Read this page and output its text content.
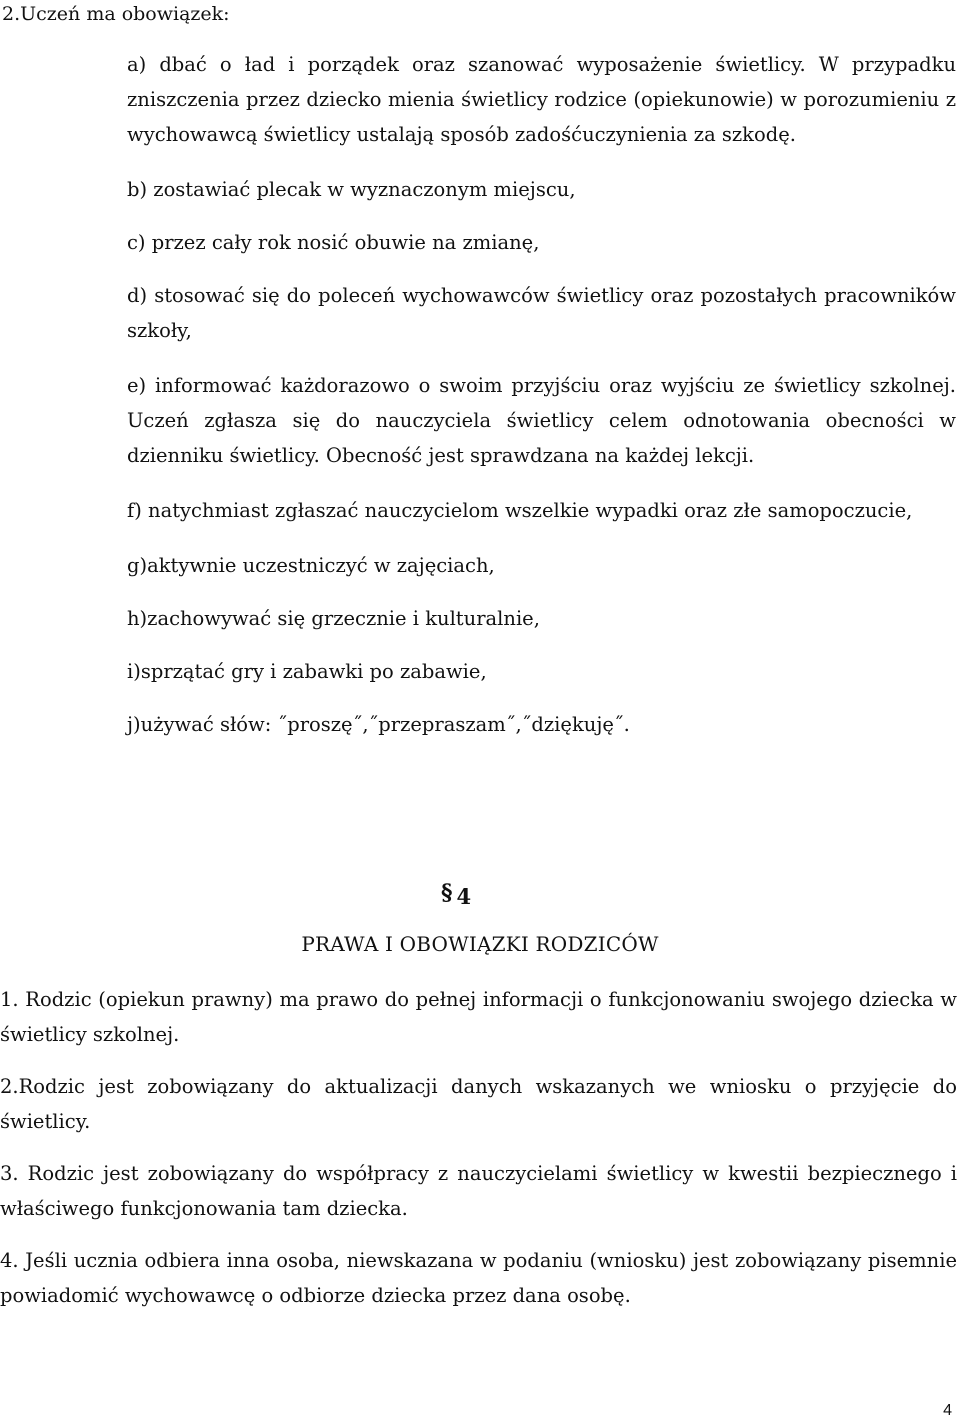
2.Uczeń ma obowiązek:

a) dbać o ład i porządek oraz szanować wyposażenie świetlicy. W przypadku zniszczenia przez dziecko mienia świetlicy rodzice (opiekunowie) w porozumieniu z wychowawcą świetlicy ustalają sposób zadośćuczynienia za szkodę.

b) zostawiać plecak w wyznaczonym miejscu,

c) przez cały rok nosić obuwie na zmianę,

d) stosować się do poleceń wychowawców świetlicy oraz pozostałych pracowników szkoły,

e) informować każdorazowo o swoim przyjściu oraz wyjściu ze świetlicy szkolnej. Uczeń zgłasza się do nauczyciela świetlicy celem odnotowania obecności w dzienniku świetlicy. Obecność jest sprawdzana na każdej lekcji.

f) natychmiast zgłaszać nauczycielom wszelkie wypadki oraz złe samopoczucie,

g)aktywnie uczestniczyć w zajęciach,

h)zachowywać się grzecznie i kulturalnie,

i)sprzątać gry i zabawki po zabawie,

j)używać słów: ˝proszę˝,˝przepraszam˝,˝dziękuję˝.

§ 4
PRAWA I OBOWIĄZKI RODZICÓW

1. Rodzic (opiekun prawny) ma prawo do pełnej informacji o funkcjonowaniu swojego dziecka w świetlicy szkolnej.

2.Rodzic jest zobowiązany do aktualizacji danych wskazanych we wniosku o przyjęcie do świetlicy.

3. Rodzic jest zobowiązany do współpracy z nauczycielami świetlicy w kwestii bezpiecznego i właściwego funkcjonowania tam dziecka.

4. Jeśli ucznia odbiera inna osoba, niewskazana w podaniu (wniosku) jest zobowiązany pisemnie powiadomić wychowawcę o odbiorze dziecka przez dana osobę.

4
